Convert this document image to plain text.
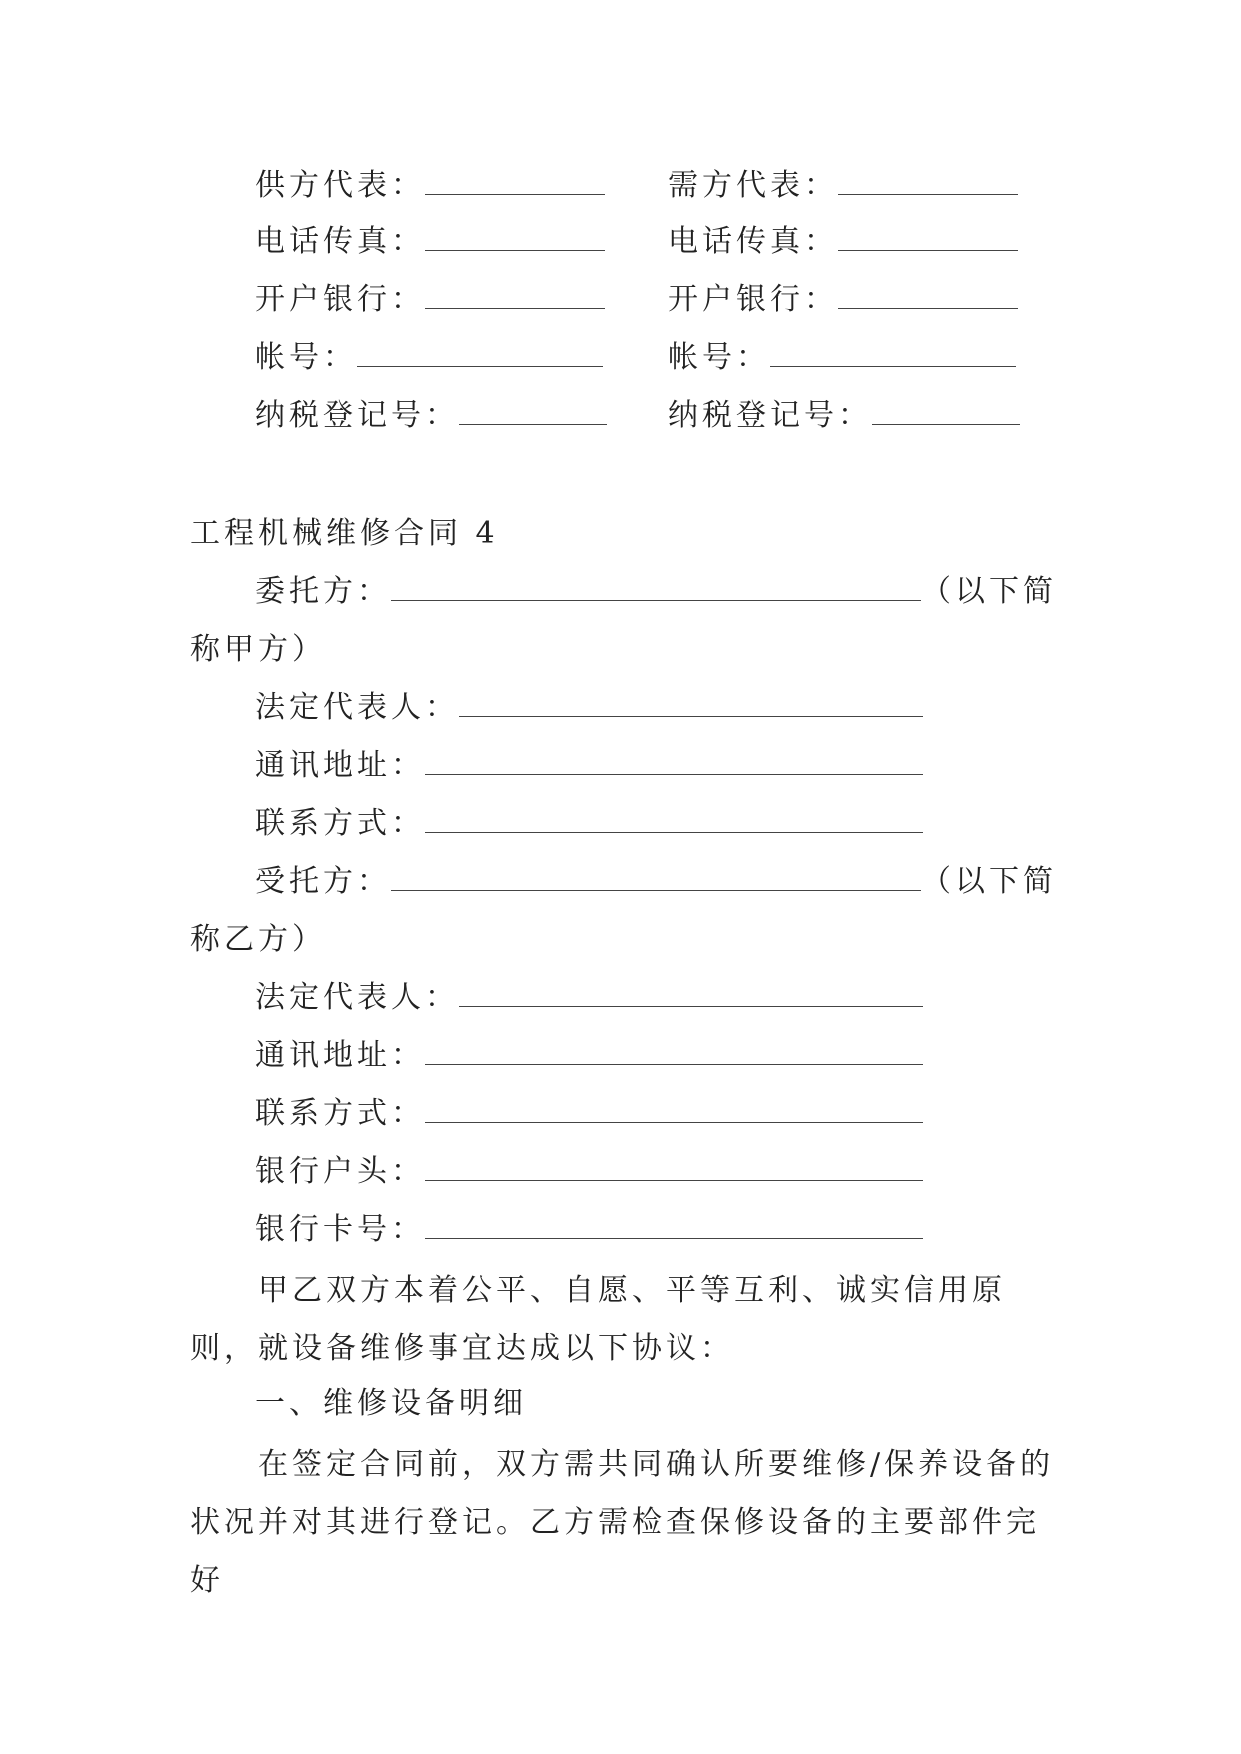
供方代表：
电话传真：
开户银行：
帐号：
纳税登记号：
需方代表：
电话传真：
开户银行：
帐号：
纳税登记号：
工程机械维修合同 4
委托方：	（以下简
称甲方）
法定代表人：
通讯地址：
联系方式：
受托方：	（以下简
称乙方）
法定代表人：
通讯地址：
联系方式：
银行户头：
银行卡号：
甲乙双方本着公平、自愿、平等互利、诚实信用原则，就设备维修事宜达成以下协议：
一、维修设备明细
在签定合同前，双方需共同确认所要维修/保养设备的状况并对其进行登记。乙方需检查保修设备的主要部件完好
